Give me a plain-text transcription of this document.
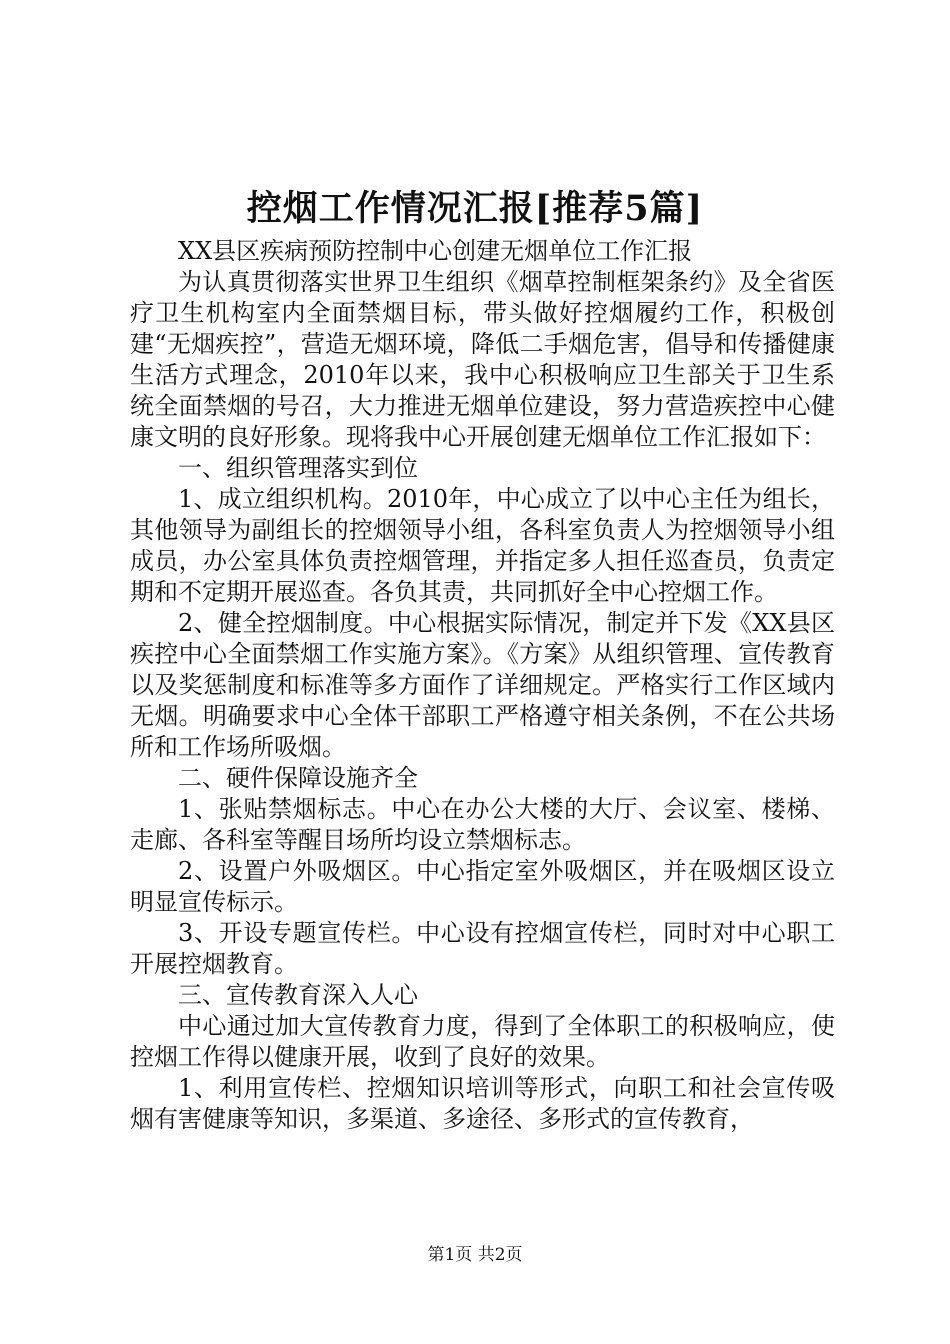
控烟工作情况汇报[推荐5篇]

XX县区疾病预防控制中心创建无烟单位工作汇报

为认真贯彻落实世界卫生组织《烟草控制框架条约》及全省医疗卫生机构室内全面禁烟目标，带头做好控烟履约工作，积极创建“无烟疾控”，营造无烟环境，降低二手烟危害，倡导和传播健康生活方式理念，2010年以来，我中心积极响应卫生部关于卫生系统全面禁烟的号召，大力推进无烟单位建设，努力营造疾控中心健康文明的良好形象。现将我中心开展创建无烟单位工作汇报如下：

一、组织管理落实到位

1、成立组织机构。2010年，中心成立了以中心主任为组长，其他领导为副组长的控烟领导小组，各科室负责人为控烟领导小组成员，办公室具体负责控烟管理，并指定多人担任巡查员，负责定期和不定期开展巡查。各负其责，共同抓好全中心控烟工作。

2、健全控烟制度。中心根据实际情况，制定并下发《XX县区疾控中心全面禁烟工作实施方案》。《方案》从组织管理、宣传教育以及奖惩制度和标准等多方面作了详细规定。严格实行工作区域内无烟。明确要求中心全体干部职工严格遵守相关条例，不在公共场所和工作场所吸烟。

二、硬件保障设施齐全

1、张贴禁烟标志。中心在办公大楼的大厅、会议室、楼梯、走廊、各科室等醒目场所均设立禁烟标志。

2、设置户外吸烟区。中心指定室外吸烟区，并在吸烟区设立明显宣传标示。

3、开设专题宣传栏。中心设有控烟宣传栏，同时对中心职工开展控烟教育。

三、宣传教育深入人心

中心通过加大宣传教育力度，得到了全体职工的积极响应，使控烟工作得以健康开展，收到了良好的效果。

1、利用宣传栏、控烟知识培训等形式，向职工和社会宣传吸烟有害健康等知识，多渠道、多途径、多形式的宣传教育，

第1页 共2页
